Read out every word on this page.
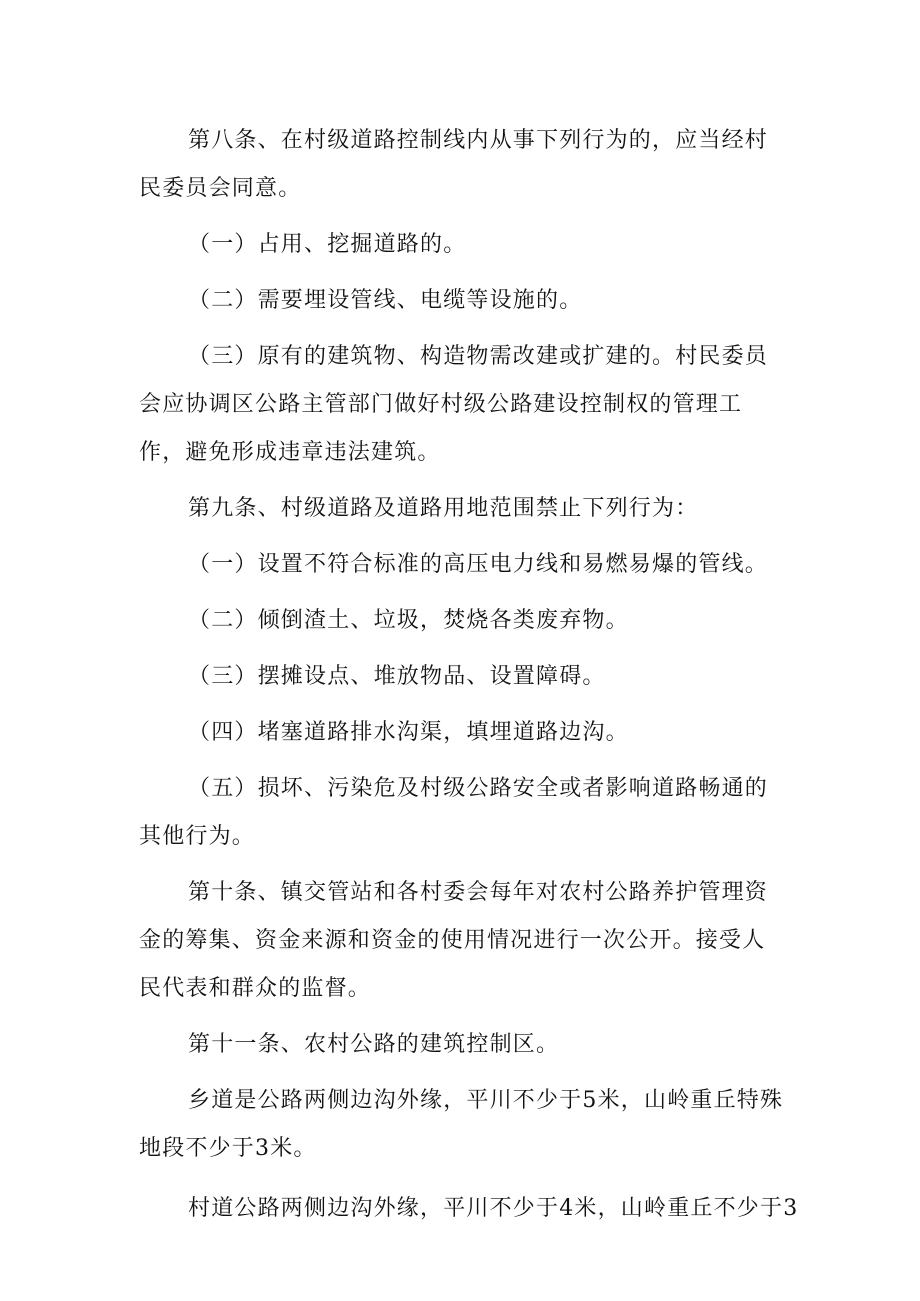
第八条、在村级道路控制线内从事下列行为的，应当经村民委员会同意。

（一）占用、挖掘道路的。

（二）需要埋设管线、电缆等设施的。

（三）原有的建筑物、构造物需改建或扩建的。村民委员会应协调区公路主管部门做好村级公路建设控制权的管理工作，避免形成违章违法建筑。

第九条、村级道路及道路用地范围禁止下列行为：

（一）设置不符合标准的高压电力线和易燃易爆的管线。

（二）倾倒渣土、垃圾，焚烧各类废弃物。

（三）摆摊设点、堆放物品、设置障碍。

（四）堵塞道路排水沟渠，填埋道路边沟。

（五）损坏、污染危及村级公路安全或者影响道路畅通的其他行为。

第十条、镇交管站和各村委会每年对农村公路养护管理资金的筹集、资金来源和资金的使用情况进行一次公开。接受人民代表和群众的监督。

第十一条、农村公路的建筑控制区。

乡道是公路两侧边沟外缘，平川不少于5米，山岭重丘特殊地段不少于3米。

村道公路两侧边沟外缘，平川不少于4米，山岭重丘不少于3
